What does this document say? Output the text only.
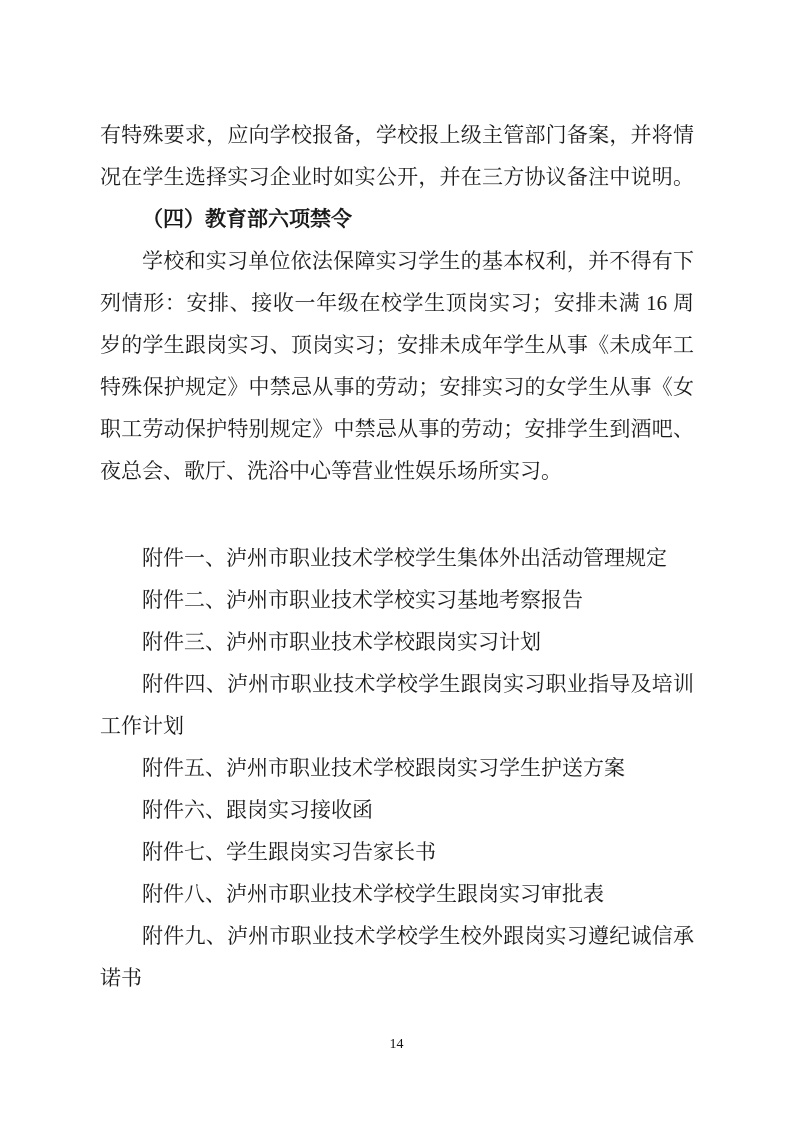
有特殊要求，应向学校报备，学校报上级主管部门备案，并将情
况在学生选择实习企业时如实公开，并在三方协议备注中说明。
（四）教育部六项禁令
学校和实习单位依法保障实习学生的基本权利，并不得有下
列情形：安排、接收一年级在校学生顶岗实习；安排未满 16 周
岁的学生跟岗实习、顶岗实习；安排未成年学生从事《未成年工
特殊保护规定》中禁忌从事的劳动；安排实习的女学生从事《女
职工劳动保护特别规定》中禁忌从事的劳动；安排学生到酒吧、
夜总会、歌厅、洗浴中心等营业性娱乐场所实习。
附件一、泸州市职业技术学校学生集体外出活动管理规定
附件二、泸州市职业技术学校实习基地考察报告
附件三、泸州市职业技术学校跟岗实习计划
附件四、泸州市职业技术学校学生跟岗实习职业指导及培训
工作计划
附件五、泸州市职业技术学校跟岗实习学生护送方案
附件六、跟岗实习接收函
附件七、学生跟岗实习告家长书
附件八、泸州市职业技术学校学生跟岗实习审批表
附件九、泸州市职业技术学校学生校外跟岗实习遵纪诚信承
诺书
14
